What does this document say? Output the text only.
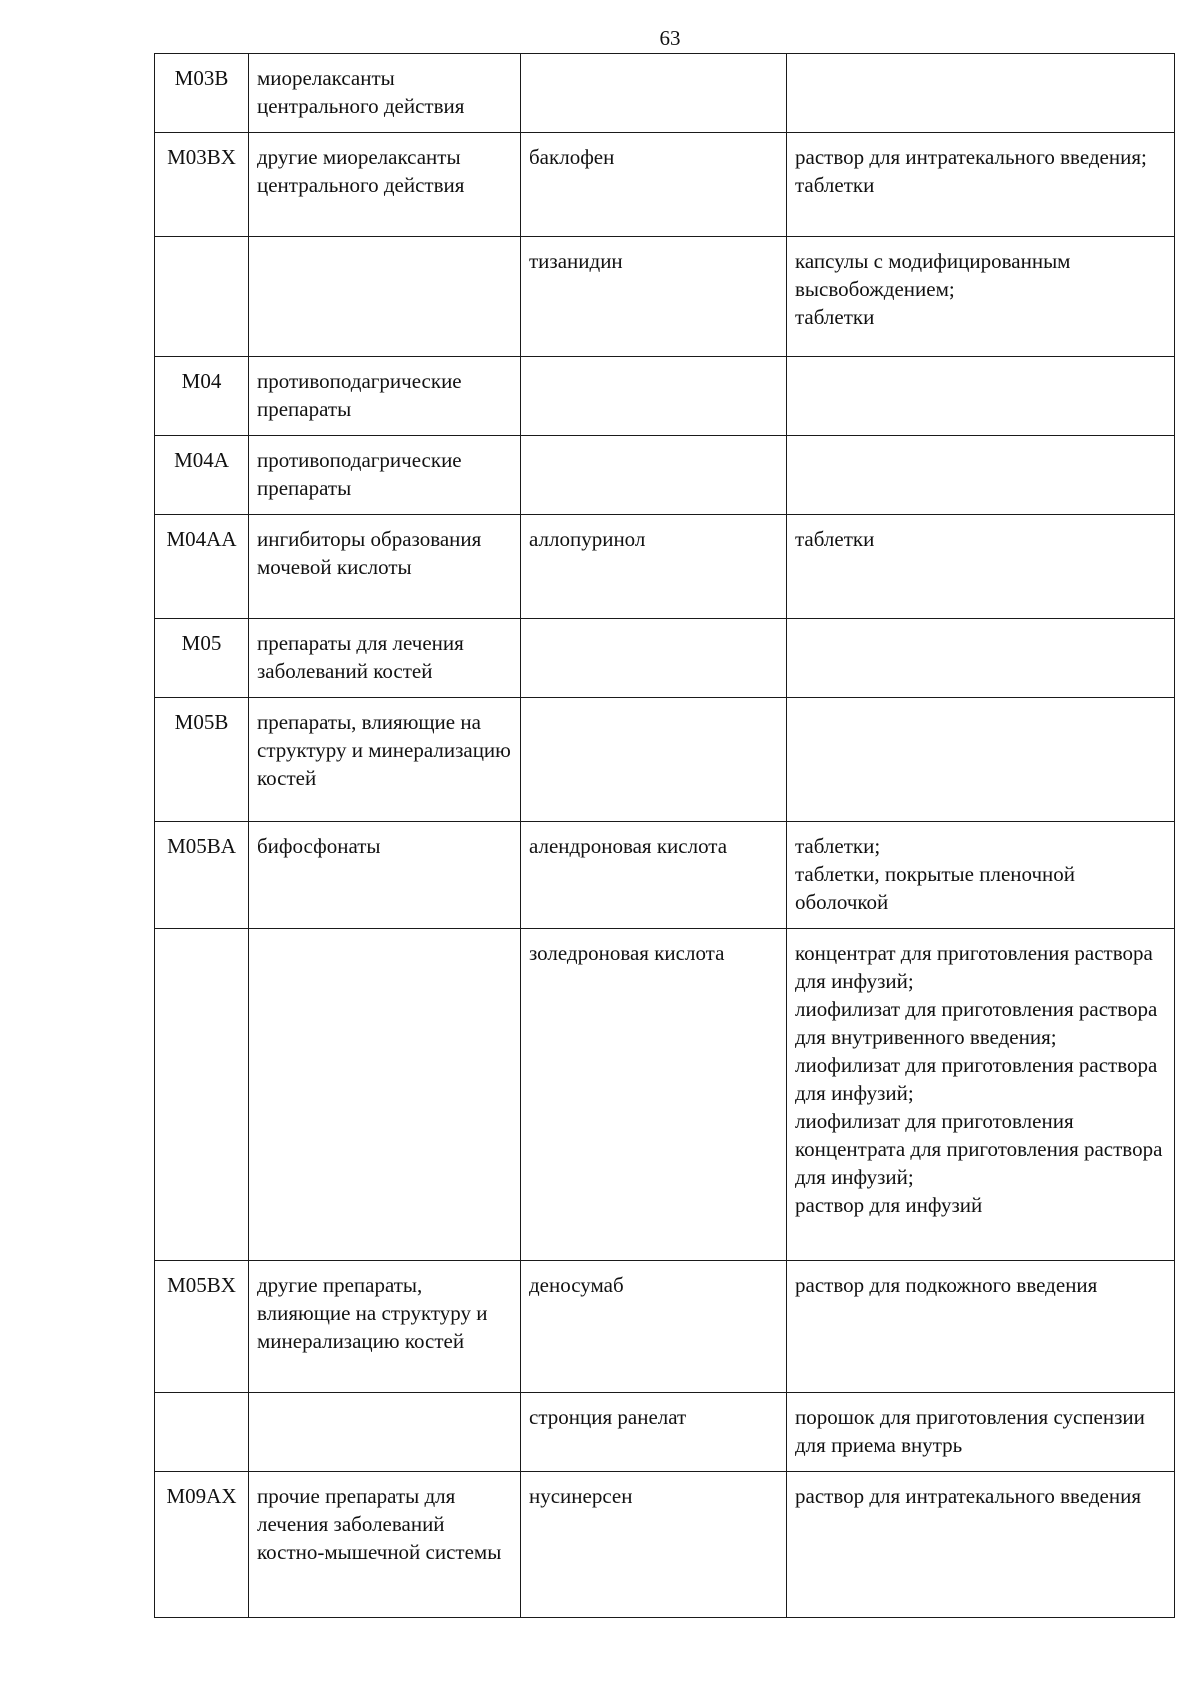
63
M03B	миорелаксанты центрального действия		
M03BX	другие миорелаксанты центрального действия	баклофен	раствор для интратекального введения;
таблетки
		тизанидин	капсулы с модифицированным высвобождением;
таблетки
M04	противоподагрические препараты		
M04A	противоподагрические препараты		
M04AA	ингибиторы образования мочевой кислоты	аллопуринол	таблетки
M05	препараты для лечения заболеваний костей		
M05B	препараты, влияющие на структуру и минерализацию костей		
M05BA	бифосфонаты	алендроновая кислота	таблетки;
таблетки, покрытые пленочной оболочкой
		золедроновая кислота	концентрат для приготовления раствора для инфузий;
лиофилизат для приготовления раствора для внутривенного введения;
лиофилизат для приготовления раствора для инфузий;
лиофилизат для приготовления концентрата для приготовления раствора для инфузий;
раствор для инфузий
M05BX	другие препараты, влияющие на структуру и минерализацию костей	деносумаб	раствор для подкожного введения
		стронция ранелат	порошок для приготовления суспензии для приема внутрь
M09AX	прочие препараты для лечения заболеваний костно-мышечной системы	нусинерсен	раствор для интратекального введения
